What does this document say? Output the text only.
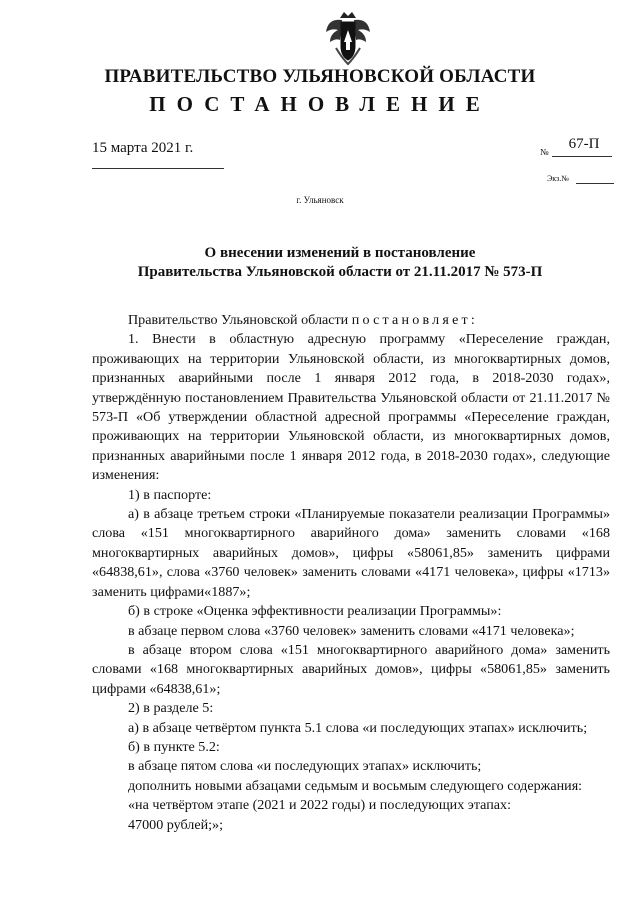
ПРАВИТЕЛЬСТВО УЛЬЯНОВСКОЙ ОБЛАСТИ
ПОСТАНОВЛЕНИЕ
15 марта 2021 г.	№	67-П
Экз.№
г. Ульяновск
О внесении изменений в постановление
Правительства Ульяновской области от 21.11.2017 № 573-П

Правительство Ульяновской области постановляет:

1. Внести в областную адресную программу «Переселение граждан, проживающих на территории Ульяновской области, из многоквартирных домов, признанных аварийными после 1 января 2012 года, в 2018-2030 годах», утверждённую постановлением Правительства Ульяновской области от 21.11.2017 № 573-П «Об утверждении областной адресной программы «Переселение граждан, проживающих на территории Ульяновской области, из многоквартирных домов, признанных аварийными после 1 января 2012 года, в 2018-2030 годах», следующие изменения:

1) в паспорте:

а) в абзаце третьем строки «Планируемые показатели реализации Программы» слова «151 многоквартирного аварийного дома» заменить словами «168 многоквартирных аварийных домов», цифры «58061,85» заменить цифрами «64838,61», слова «3760 человек» заменить словами «4171 человека», цифры «1713» заменить цифрами«1887»;

б) в строке «Оценка эффективности реализации Программы»:

в абзаце первом слова «3760 человек» заменить словами «4171 человека»;

в абзаце втором слова «151 многоквартирного аварийного дома» заменить словами «168 многоквартирных аварийных домов», цифры «58061,85» заменить цифрами «64838,61»;

2) в разделе 5:

а) в абзаце четвёртом пункта 5.1 слова «и последующих этапах» исключить;

б) в пункте 5.2:

в абзаце пятом слова «и последующих этапах» исключить;

дополнить новыми абзацами седьмым и восьмым следующего содержания:

«на четвёртом этапе (2021 и 2022 годы) и последующих этапах:

47000 рублей;»;
